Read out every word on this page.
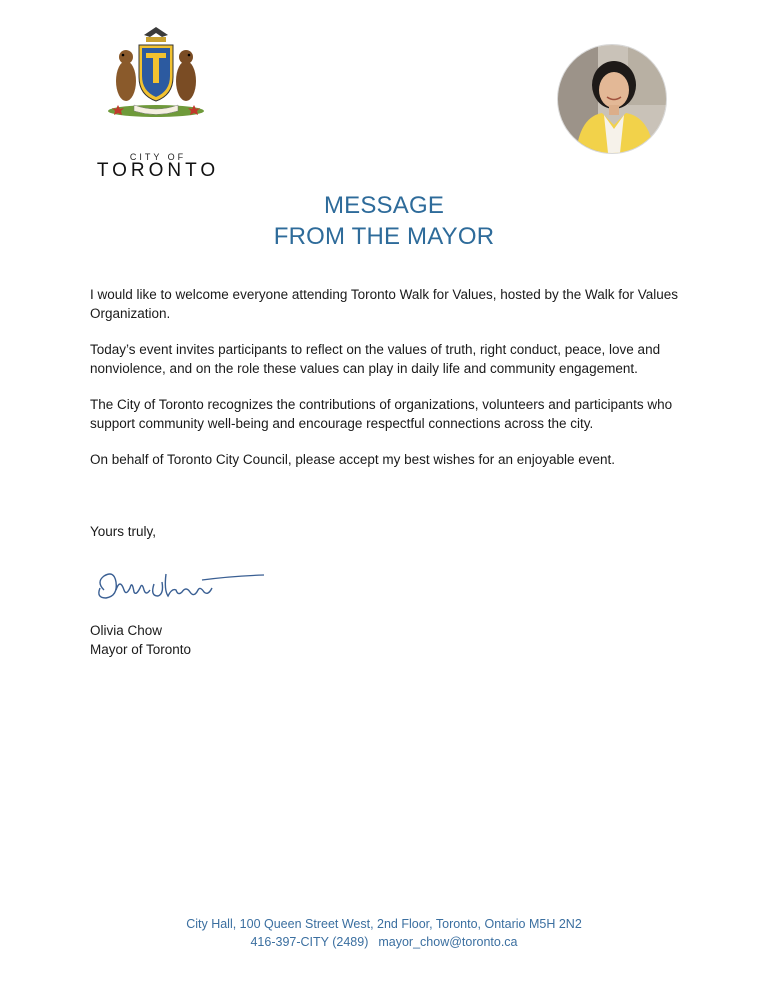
CITY OF
TORONTO
MESSAGE
FROM THE MAYOR

I would like to welcome everyone attending Toronto Walk for Values, hosted by the Walk for Values Organization.

Today’s event invites participants to reflect on the values of truth, right conduct, peace, love and nonviolence, and on the role these values can play in daily life and community engagement.

The City of Toronto recognizes the contributions of organizations, volunteers and participants who support community well-being and encourage respectful connections across the city.

On behalf of Toronto City Council, please accept my best wishes for an enjoyable event.

Yours truly,
Olivia Chow
Mayor of Toronto
City Hall, 100 Queen Street West, 2nd Floor, Toronto, Ontario M5H 2N2
416-397-CITY (2489) mayor_chow@toronto.ca
